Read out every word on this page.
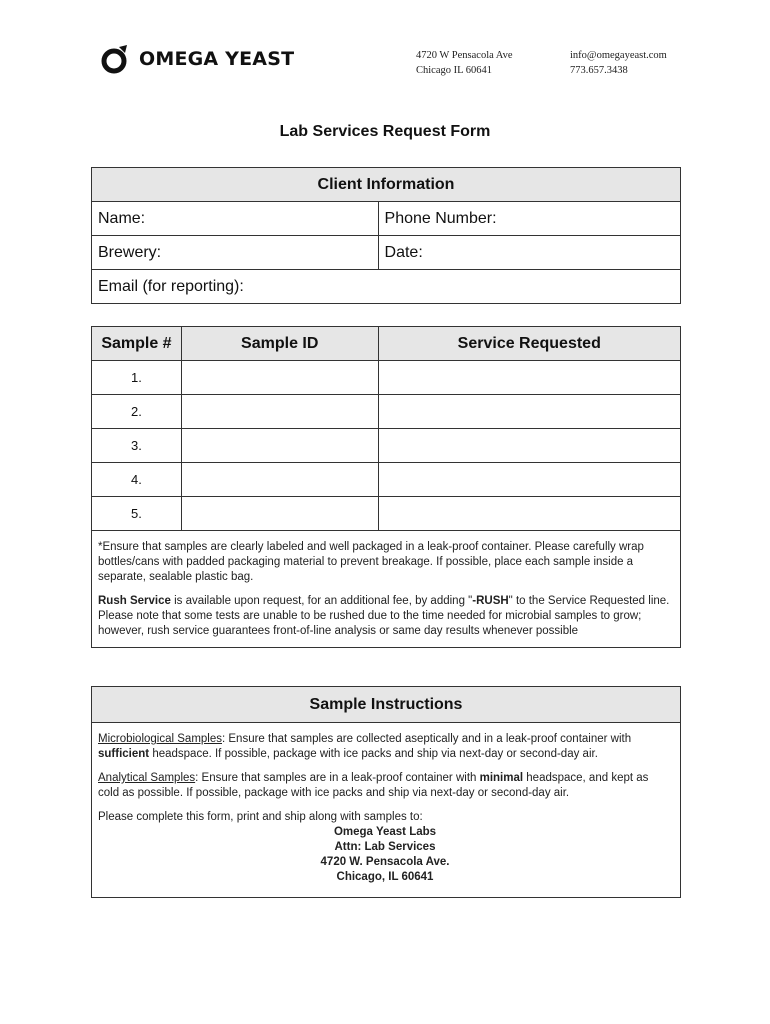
OMEGA YEAST	4720 W Pensacola Ave
Chicago IL 60641
info@omegayeast.com
773.657.3438
Lab Services Request Form
Client Information	
Name:	Phone Number:
Brewery:	Date:
Email (for reporting):	
Sample #	Sample ID	Service Requested
1.		
2.		
3.		
4.		
5.		

*Ensure that samples are clearly labeled and well packaged in a leak-proof container. Please carefully wrap bottles/cans with padded packaging material to prevent breakage. If possible, place each sample inside a separate, sealable plastic bag.

Rush Service is available upon request, for an additional fee, by adding "-RUSH" to the Service Requested line. Please note that some tests are unable to be rushed due to the time needed for microbial samples to grow; however, rush service guarantees front-of-line analysis or same day results whenever possible		

Sample Instructions

Microbiological Samples: Ensure that samples are collected aseptically and in a leak-proof container with sufficient headspace. If possible, package with ice packs and ship via next-day or second-day air.

Analytical Samples: Ensure that samples are in a leak-proof container with minimal headspace, and kept as cold as possible. If possible, package with ice packs and ship via next-day or second-day air.

Please complete this form, print and ship along with samples to:

Omega Yeast Labs
Attn: Lab Services
4720 W. Pensacola Ave.
Chicago, IL 60641
